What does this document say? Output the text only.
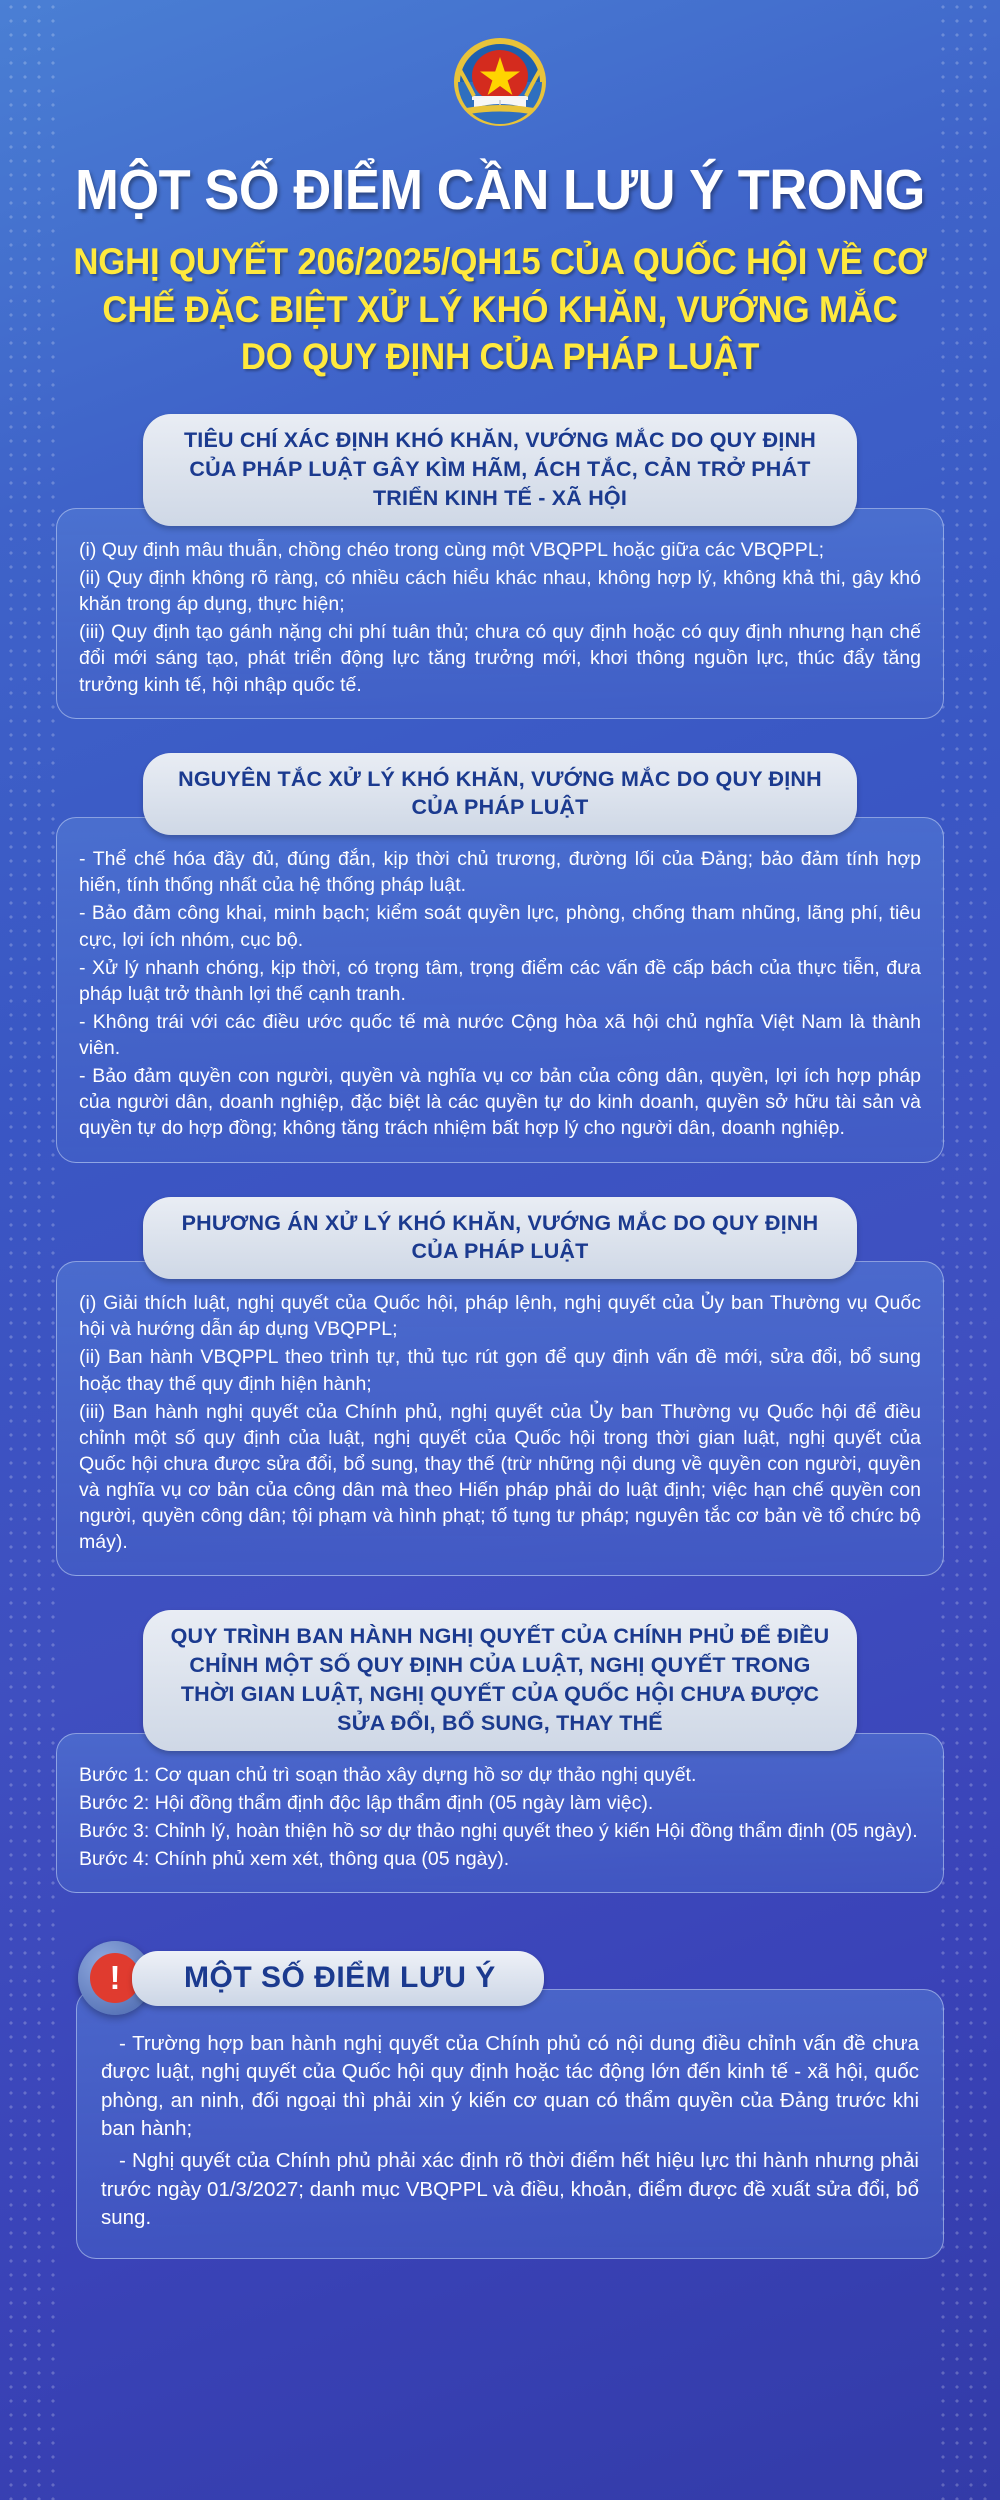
MỘT SỐ ĐIỂM CẦN LƯU Ý TRONG
NGHỊ QUYẾT 206/2025/QH15 CỦA QUỐC HỘI VỀ CƠ CHẾ ĐẶC BIỆT XỬ LÝ KHÓ KHĂN, VƯỚNG MẮC DO QUY ĐỊNH CỦA PHÁP LUẬT
TIÊU CHÍ XÁC ĐỊNH KHÓ KHĂN, VƯỚNG MẮC DO QUY ĐỊNH CỦA PHÁP LUẬT GÂY KÌM HÃM, ÁCH TẮC, CẢN TRỞ PHÁT TRIỂN KINH TẾ - XÃ HỘI

(i) Quy định mâu thuẫn, chồng chéo trong cùng một VBQPPL hoặc giữa các VBQPPL;

(ii) Quy định không rõ ràng, có nhiều cách hiểu khác nhau, không hợp lý, không khả thi, gây khó khăn trong áp dụng, thực hiện;

(iii) Quy định tạo gánh nặng chi phí tuân thủ; chưa có quy định hoặc có quy định nhưng hạn chế đổi mới sáng tạo, phát triển động lực tăng trưởng mới, khơi thông nguồn lực, thúc đẩy tăng trưởng kinh tế, hội nhập quốc tế.

NGUYÊN TẮC XỬ LÝ KHÓ KHĂN, VƯỚNG MẮC DO QUY ĐỊNH CỦA PHÁP LUẬT

- Thể chế hóa đầy đủ, đúng đắn, kịp thời chủ trương, đường lối của Đảng; bảo đảm tính hợp hiến, tính thống nhất của hệ thống pháp luật.

- Bảo đảm công khai, minh bạch; kiểm soát quyền lực, phòng, chống tham nhũng, lãng phí, tiêu cực, lợi ích nhóm, cục bộ.

- Xử lý nhanh chóng, kịp thời, có trọng tâm, trọng điểm các vấn đề cấp bách của thực tiễn, đưa pháp luật trở thành lợi thế cạnh tranh.

- Không trái với các điều ước quốc tế mà nước Cộng hòa xã hội chủ nghĩa Việt Nam là thành viên.

- Bảo đảm quyền con người, quyền và nghĩa vụ cơ bản của công dân, quyền, lợi ích hợp pháp của người dân, doanh nghiệp, đặc biệt là các quyền tự do kinh doanh, quyền sở hữu tài sản và quyền tự do hợp đồng; không tăng trách nhiệm bất hợp lý cho người dân, doanh nghiệp.

PHƯƠNG ÁN XỬ LÝ KHÓ KHĂN, VƯỚNG MẮC DO QUY ĐỊNH CỦA PHÁP LUẬT

(i) Giải thích luật, nghị quyết của Quốc hội, pháp lệnh, nghị quyết của Ủy ban Thường vụ Quốc hội và hướng dẫn áp dụng VBQPPL;

(ii) Ban hành VBQPPL theo trình tự, thủ tục rút gọn để quy định vấn đề mới, sửa đổi, bổ sung hoặc thay thế quy định hiện hành;

(iii) Ban hành nghị quyết của Chính phủ, nghị quyết của Ủy ban Thường vụ Quốc hội để điều chỉnh một số quy định của luật, nghị quyết của Quốc hội trong thời gian luật, nghị quyết của Quốc hội chưa được sửa đổi, bổ sung, thay thế (trừ những nội dung về quyền con người, quyền và nghĩa vụ cơ bản của công dân mà theo Hiến pháp phải do luật định; việc hạn chế quyền con người, quyền công dân; tội phạm và hình phạt; tố tụng tư pháp; nguyên tắc cơ bản về tổ chức bộ máy).

QUY TRÌNH BAN HÀNH NGHỊ QUYẾT CỦA CHÍNH PHỦ ĐỂ ĐIỀU CHỈNH MỘT SỐ QUY ĐỊNH CỦA LUẬT, NGHỊ QUYẾT TRONG THỜI GIAN LUẬT, NGHỊ QUYẾT CỦA QUỐC HỘI CHƯA ĐƯỢC SỬA ĐỔI, BỔ SUNG, THAY THẾ

Bước 1: Cơ quan chủ trì soạn thảo xây dựng hồ sơ dự thảo nghị quyết.

Bước 2: Hội đồng thẩm định độc lập thẩm định (05 ngày làm việc).

Bước 3: Chỉnh lý, hoàn thiện hồ sơ dự thảo nghị quyết theo ý kiến Hội đồng thẩm định (05 ngày).

Bước 4: Chính phủ xem xét, thông qua (05 ngày).

!	MỘT SỐ ĐIỂM LƯU Ý

- Trường hợp ban hành nghị quyết của Chính phủ có nội dung điều chỉnh vấn đề chưa được luật, nghị quyết của Quốc hội quy định hoặc tác động lớn đến kinh tế - xã hội, quốc phòng, an ninh, đối ngoại thì phải xin ý kiến cơ quan có thẩm quyền của Đảng trước khi ban hành;

- Nghị quyết của Chính phủ phải xác định rõ thời điểm hết hiệu lực thi hành nhưng phải trước ngày 01/3/2027; danh mục VBQPPL và điều, khoản, điểm được đề xuất sửa đổi, bổ sung.
